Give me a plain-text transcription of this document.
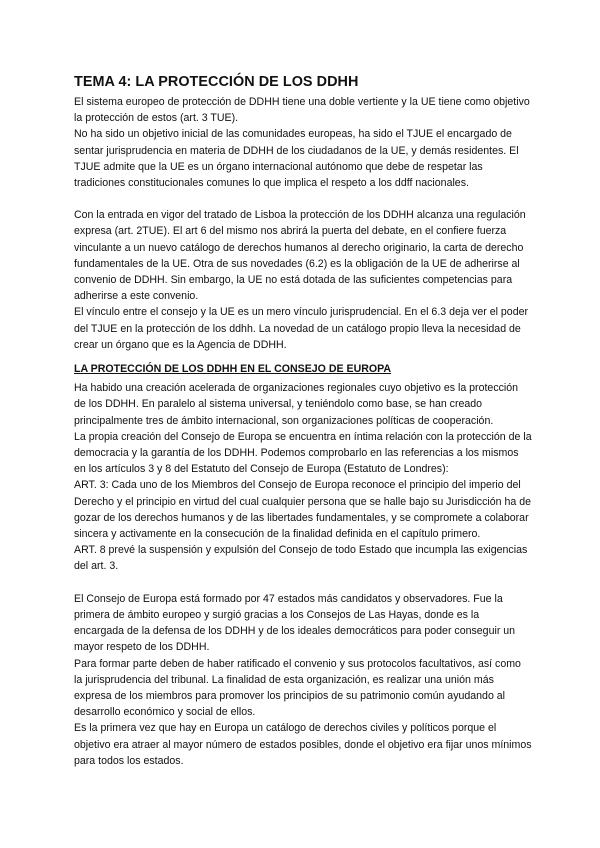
TEMA 4: LA PROTECCIÓN DE LOS DDHH

El sistema europeo de protección de DDHH tiene una doble vertiente y la UE tiene como objetivo la protección de estos (art. 3 TUE).

No ha sido un objetivo inicial de las comunidades europeas, ha sido el TJUE el encargado de sentar jurisprudencia en materia de DDHH de los ciudadanos de la UE, y demás residentes. El TJUE admite que la UE es un órgano internacional autónomo que debe de respetar las tradiciones constitucionales comunes lo que implica el respeto a los ddff nacionales.

Con la entrada en vigor del tratado de Lisboa la protección de los DDHH alcanza una regulación expresa (art. 2TUE). El art 6 del mismo nos abrirá la puerta del debate, en el confiere fuerza vinculante a un nuevo catálogo de derechos humanos al derecho originario, la carta de derecho fundamentales de la UE. Otra de sus novedades (6.2) es la obligación de la UE de adherirse al convenio de DDHH. Sin embargo, la UE no está dotada de las suficientes competencias para adherirse a este convenio.

El vínculo entre el consejo y la UE es un mero vínculo jurisprudencial. En el 6.3 deja ver el poder del TJUE en la protección de los ddhh. La novedad de un catálogo propio lleva la necesidad de crear un órgano que es la Agencia de DDHH.

LA PROTECCIÓN DE LOS DDHH EN EL CONSEJO DE EUROPA

Ha habido una creación acelerada de organizaciones regionales cuyo objetivo es la protección de los DDHH. En paralelo al sistema universal, y teniéndolo como base, se han creado principalmente tres de ámbito internacional, son organizaciones políticas de cooperación.

La propia creación del Consejo de Europa se encuentra en íntima relación con la protección de la democracia y la garantía de los DDHH. Podemos comprobarlo en las referencias a los mismos en los artículos 3 y 8 del Estatuto del Consejo de Europa (Estatuto de Londres):

ART. 3: Cada uno de los Miembros del Consejo de Europa reconoce el principio del imperio del Derecho y el principio en virtud del cual cualquier persona que se halle bajo su Jurisdicción ha de gozar de los derechos humanos y de las libertades fundamentales, y se compromete a colaborar sincera y activamente en la consecución de la finalidad definida en el capítulo primero.

ART. 8 prevé la suspensión y expulsión del Consejo de todo Estado que incumpla las exigencias del art. 3.

El Consejo de Europa está formado por 47 estados más candidatos y observadores. Fue la primera de ámbito europeo y surgió gracias a los Consejos de Las Hayas, donde es la encargada de la defensa de los DDHH y de los ideales democráticos para poder conseguir un mayor respeto de los DDHH.

Para formar parte deben de haber ratificado el convenio y sus protocolos facultativos, así como la jurisprudencia del tribunal. La finalidad de esta organización, es realizar una unión más expresa de los miembros para promover los principios de su patrimonio común ayudando al desarrollo económico y social de ellos.

Es la primera vez que hay en Europa un catálogo de derechos civiles y políticos porque el objetivo era atraer al mayor número de estados posibles, donde el objetivo era fijar unos mínimos para todos los estados.
